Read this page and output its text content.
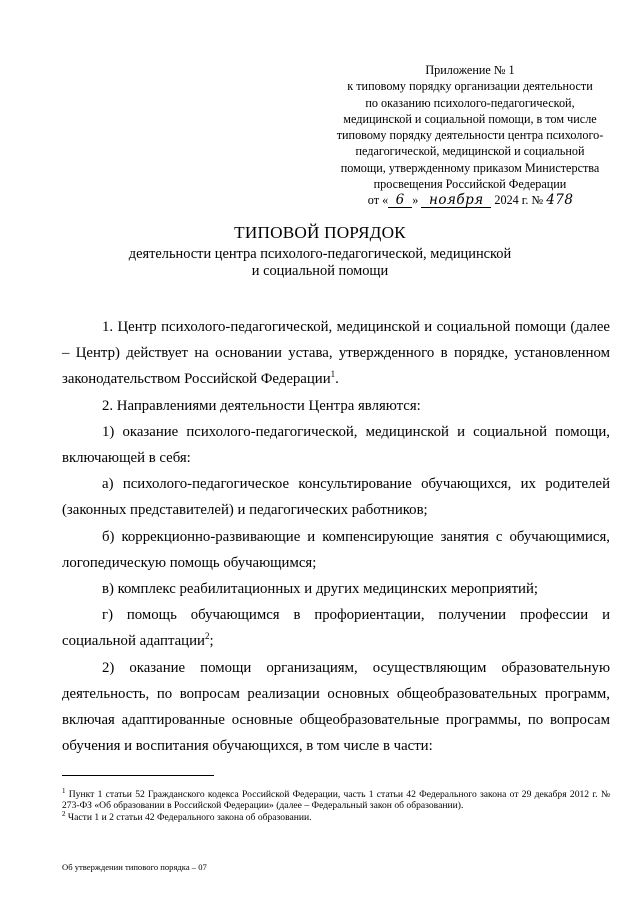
Приложение № 1
к типовому порядку организации деятельности
по оказанию психолого-педагогической,
медицинской и социальной помощи, в том числе
типовому порядку деятельности центра психолого-
педагогической, медицинской и социальной
помощи, утвержденному приказом Министерства
просвещения Российской Федерации
от « 6 » ноября 2024 г. № 478
ТИПОВОЙ ПОРЯДОК
деятельности центра психолого-педагогической, медицинской
и социальной помощи

1. Центр психолого-педагогической, медицинской и социальной помощи (далее – Центр) действует на основании устава, утвержденного в порядке, установленном законодательством Российской Федерации$^1$.

2. Направлениями деятельности Центра являются:

1) оказание психолого-педагогической, медицинской и социальной помощи, включающей в себя:

а) психолого-педагогическое консультирование обучающихся, их родителей (законных представителей) и педагогических работников;

б) коррекционно-развивающие и компенсирующие занятия с обучающимися, логопедическую помощь обучающимся;

в) комплекс реабилитационных и других медицинских мероприятий;

г) помощь обучающимся в профориентации, получении профессии и социальной адаптации$^2$;

2) оказание помощи организациям, осуществляющим образовательную деятельность, по вопросам реализации основных общеобразовательных программ, включая адаптированные основные общеобразовательные программы, по вопросам обучения и воспитания обучающихся, в том числе в части:

$^1$ Пункт 1 статьи 52 Гражданского кодекса Российской Федерации, часть 1 статьи 42 Федерального закона от 29 декабря 2012 г. № 273-ФЗ «Об образовании в Российской Федерации» (далее – Федеральный закон об образовании).

$^2$ Части 1 и 2 статьи 42 Федерального закона об образовании.

Об утверждении типового порядка – 07
